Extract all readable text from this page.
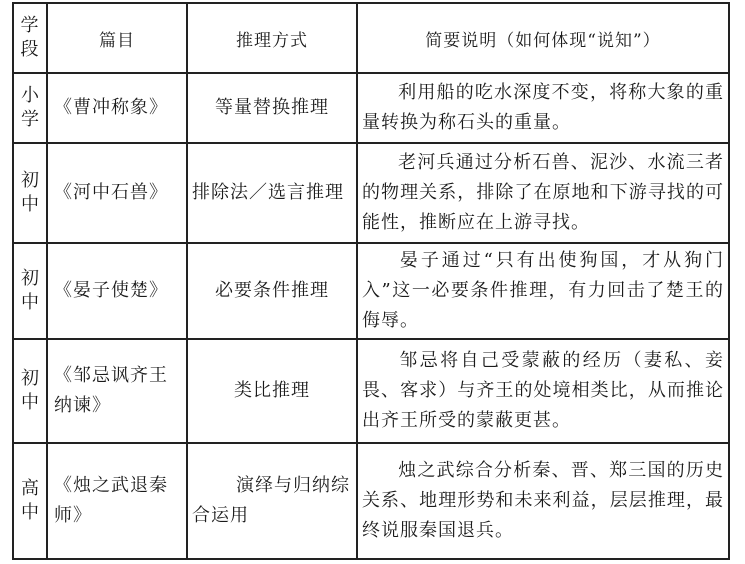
学
段	篇目	推理方式	简要说明（如何体现“说知”）

小
学	《曹冲称象》	等量替换推理	利用船的吃水深度不变，将称大象的重量转换为称石头的重量。

初
中	《河中石兽》	排除法／选言推理	老河兵通过分析石兽、泥沙、水流三者的物理关系，排除了在原地和下游寻找的可能性，推断应在上游寻找。

初
中	《晏子使楚》	必要条件推理	晏子通过“只有出使狗国，才从狗门入”这一必要条件推理，有力回击了楚王的侮辱。

初
中	《邹忌讽齐王纳谏》	类比推理	邹忌将自己受蒙蔽的经历（妻私、妾畏、客求）与齐王的处境相类比，从而推论出齐王所受的蒙蔽更甚。

高
中	《烛之武退秦师》	演绎与归纳综合运用	烛之武综合分析秦、晋、郑三国的历史关系、地理形势和未来利益，层层推理，最终说服秦国退兵。
